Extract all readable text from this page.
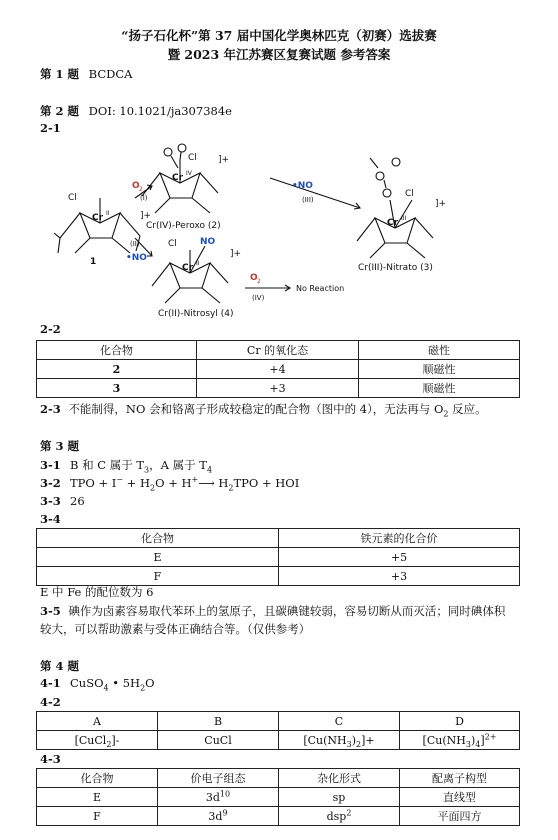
“扬子石化杯”第 37 届中国化学奥林匹克（初赛）选拔赛
暨 2023 年江苏赛区复赛试题 参考答案
第 1 题 BCDCA
第 2 题 DOI: 10.1021/ja307384e
2-1
Cl
Cr II	]+
1
Cl
Cr IV
]+
Cr(IV)-Peroxo (2)
O 2
(I)
(II)
•NO
•NO
(III)
Cl	NO
Cr II
]+
Cr(II)-Nitrosyl (4)
O 2
(IV)
No Reaction
Cl
Cr III
]+
Cr(III)-Nitrato (3)
2-2
化合物	Cr 的氧化态	磁性
2	+4	顺磁性
3	+3	顺磁性
2-3 不能制得，NO 会和铬离子形成较稳定的配合物（图中的 4），无法再与 $O_2$ 反应。
第 3 题
3-1 B 和 C 属于 $T_3$，A 属于 $T_4$
3-2 TPO + $I^- + H_2O$ + H+⟶ $H_2TPO$ + HOI
3-3 26
3-4
化合物	铁元素的化合价
E	+5
F	+3
E 中 Fe 的配位数为 6
3-5 碘作为卤素容易取代苯环上的氢原子，且碳碘键较弱，容易切断从而灭活；同时碘体积
较大，可以帮助激素与受体正确结合等。（仅供参考）
第 4 题
4-1 CuSO$_4$ • $5H_2O$
4-2
A	B	C	D
[CuCl$_2$]-	CuCl	$[Cu(NH_3)_2]+$	$[Cu(NH_3)_4]^{2+}$
4-3
化合物	价电子组态	杂化形式	配离子构型
E	$3d^{10}$	sp	直线型
F	$3d^9$	dsp$^2$	平面四方
